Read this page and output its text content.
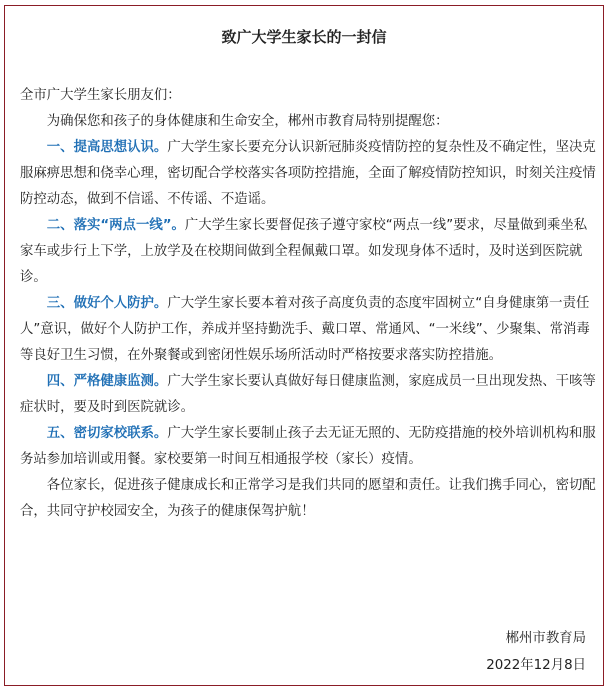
致广大学生家长的一封信

全市广大学生家长朋友们：

为确保您和孩子的身体健康和生命安全，郴州市教育局特别提醒您：

一、提高思想认识。广大学生家长要充分认识新冠肺炎疫情防控的复杂性及不确定性，坚决克服麻痹思想和侥幸心理，密切配合学校落实各项防控措施，全面了解疫情防控知识，时刻关注疫情防控动态，做到不信谣、不传谣、不造谣。

二、落实“两点一线”。广大学生家长要督促孩子遵守家校“两点一线”要求，尽量做到乘坐私家车或步行上下学，上放学及在校期间做到全程佩戴口罩。如发现身体不适时，及时送到医院就诊。

三、做好个人防护。广大学生家长要本着对孩子高度负责的态度牢固树立“自身健康第一责任人”意识，做好个人防护工作，养成并坚持勤洗手、戴口罩、常通风、“一米线”、少聚集、常消毒等良好卫生习惯，在外聚餐或到密闭性娱乐场所活动时严格按要求落实防控措施。

四、严格健康监测。广大学生家长要认真做好每日健康监测，家庭成员一旦出现发热、干咳等症状时，要及时到医院就诊。

五、密切家校联系。广大学生家长要制止孩子去无证无照的、无防疫措施的校外培训机构和服务站参加培训或用餐。家校要第一时间互相通报学校（家长）疫情。

各位家长，促进孩子健康成长和正常学习是我们共同的愿望和责任。让我们携手同心，密切配合，共同守护校园安全，为孩子的健康保驾护航！

郴州市教育局
2022年12月8日
